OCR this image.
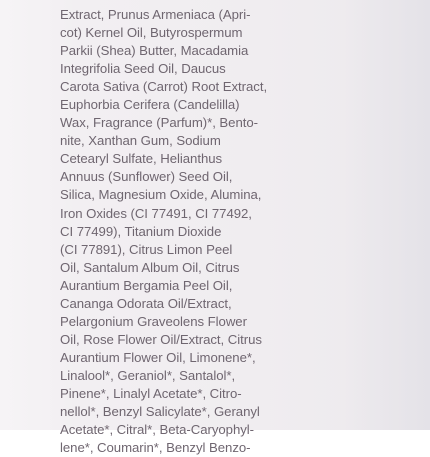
Extract, Prunus Armeniaca (Apri-
cot) Kernel Oil, Butyrospermum
Parkii (Shea) Butter, Macadamia
Integrifolia Seed Oil, Daucus
Carota Sativa (Carrot) Root Extract,
Euphorbia Cerifera (Candelilla)
Wax, Fragrance (Parfum)*, Bento-
nite, Xanthan Gum, Sodium
Cetearyl Sulfate, Helianthus
Annuus (Sunflower) Seed Oil,
Silica, Magnesium Oxide, Alumina,
Iron Oxides (CI 77491, CI 77492,
CI 77499), Titanium Dioxide
(CI 77891), Citrus Limon Peel
Oil, Santalum Album Oil, Citrus
Aurantium Bergamia Peel Oil,
Cananga Odorata Oil/Extract,
Pelargonium Graveolens Flower
Oil, Rose Flower Oil/Extract, Citrus
Aurantium Flower Oil, Limonene*,
Linalool*, Geraniol*, Santalol*,
Pinene*, Linalyl Acetate*, Citro-
nellol*, Benzyl Salicylate*, Geranyl
Acetate*, Citral*, Beta-Caryophyl-
lene*, Coumarin*, Benzyl Benzo-
